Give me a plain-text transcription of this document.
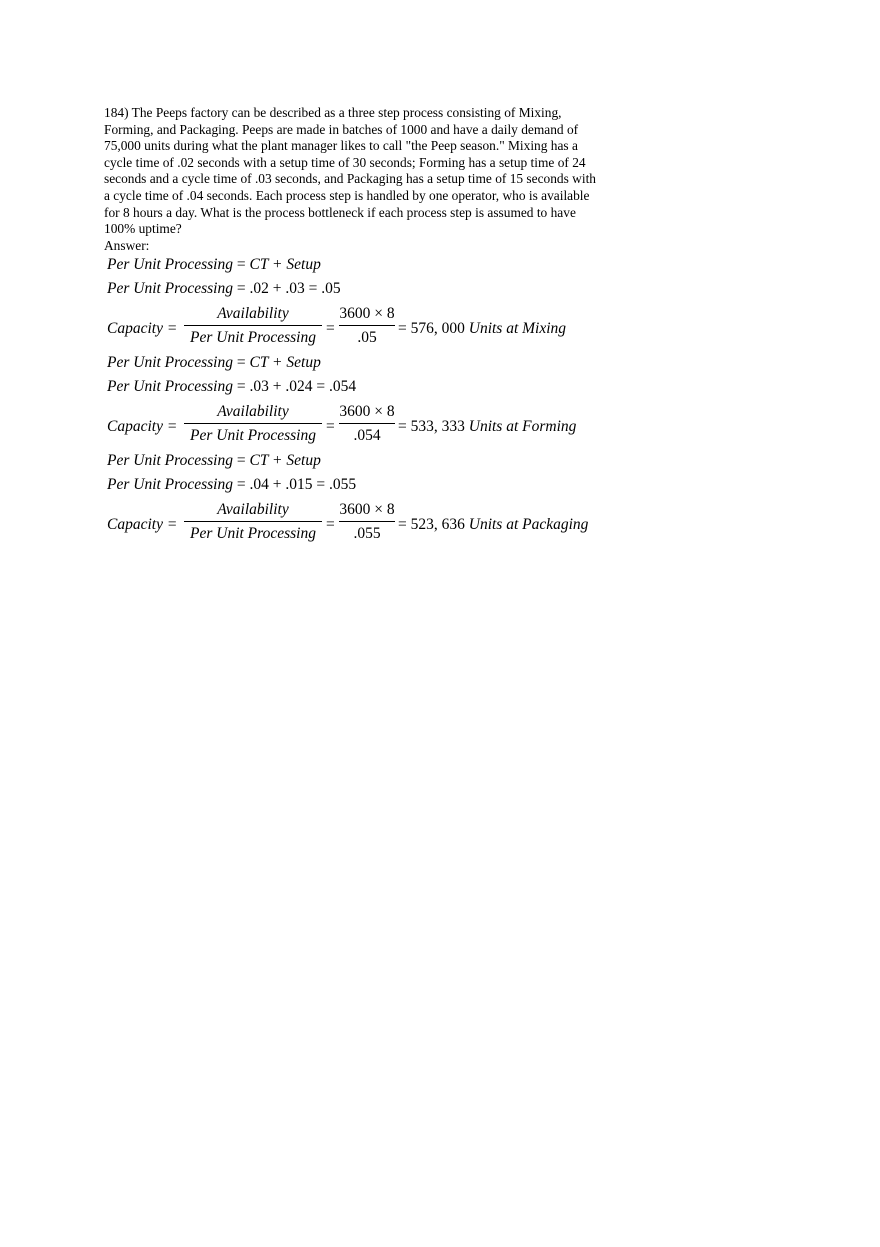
184) The Peeps factory can be described as a three step process consisting of Mixing,

Forming, and Packaging. Peeps are made in batches of 1000 and have a daily demand of

75,000 units during what the plant manager likes to call "the Peep season." Mixing has a

cycle time of .02 seconds with a setup time of 30 seconds; Forming has a setup time of 24

seconds and a cycle time of .03 seconds, and Packaging has a setup time of 15 seconds with

a cycle time of .04 seconds. Each process step is handled by one operator, who is available

for 8 hours a day. What is the process bottleneck if each process step is assumed to have

100% uptime?

Answer:

Per Unit Processing = CT + Setup
Per Unit Processing = .02 + .03 = .05
Capacity =
Availability
Per Unit Processing
=
3600 × 8
.05
= 576, 000 Units at Mixing
Per Unit Processing = CT + Setup
Per Unit Processing = .03 + .024 = .054
Capacity =
Availability
Per Unit Processing
=
3600 × 8
.054
= 533, 333 Units at Forming
Per Unit Processing = CT + Setup
Per Unit Processing = .04 + .015 = .055
Capacity =
Availability
Per Unit Processing
=
3600 × 8
.055
= 523, 636 Units at Packaging
